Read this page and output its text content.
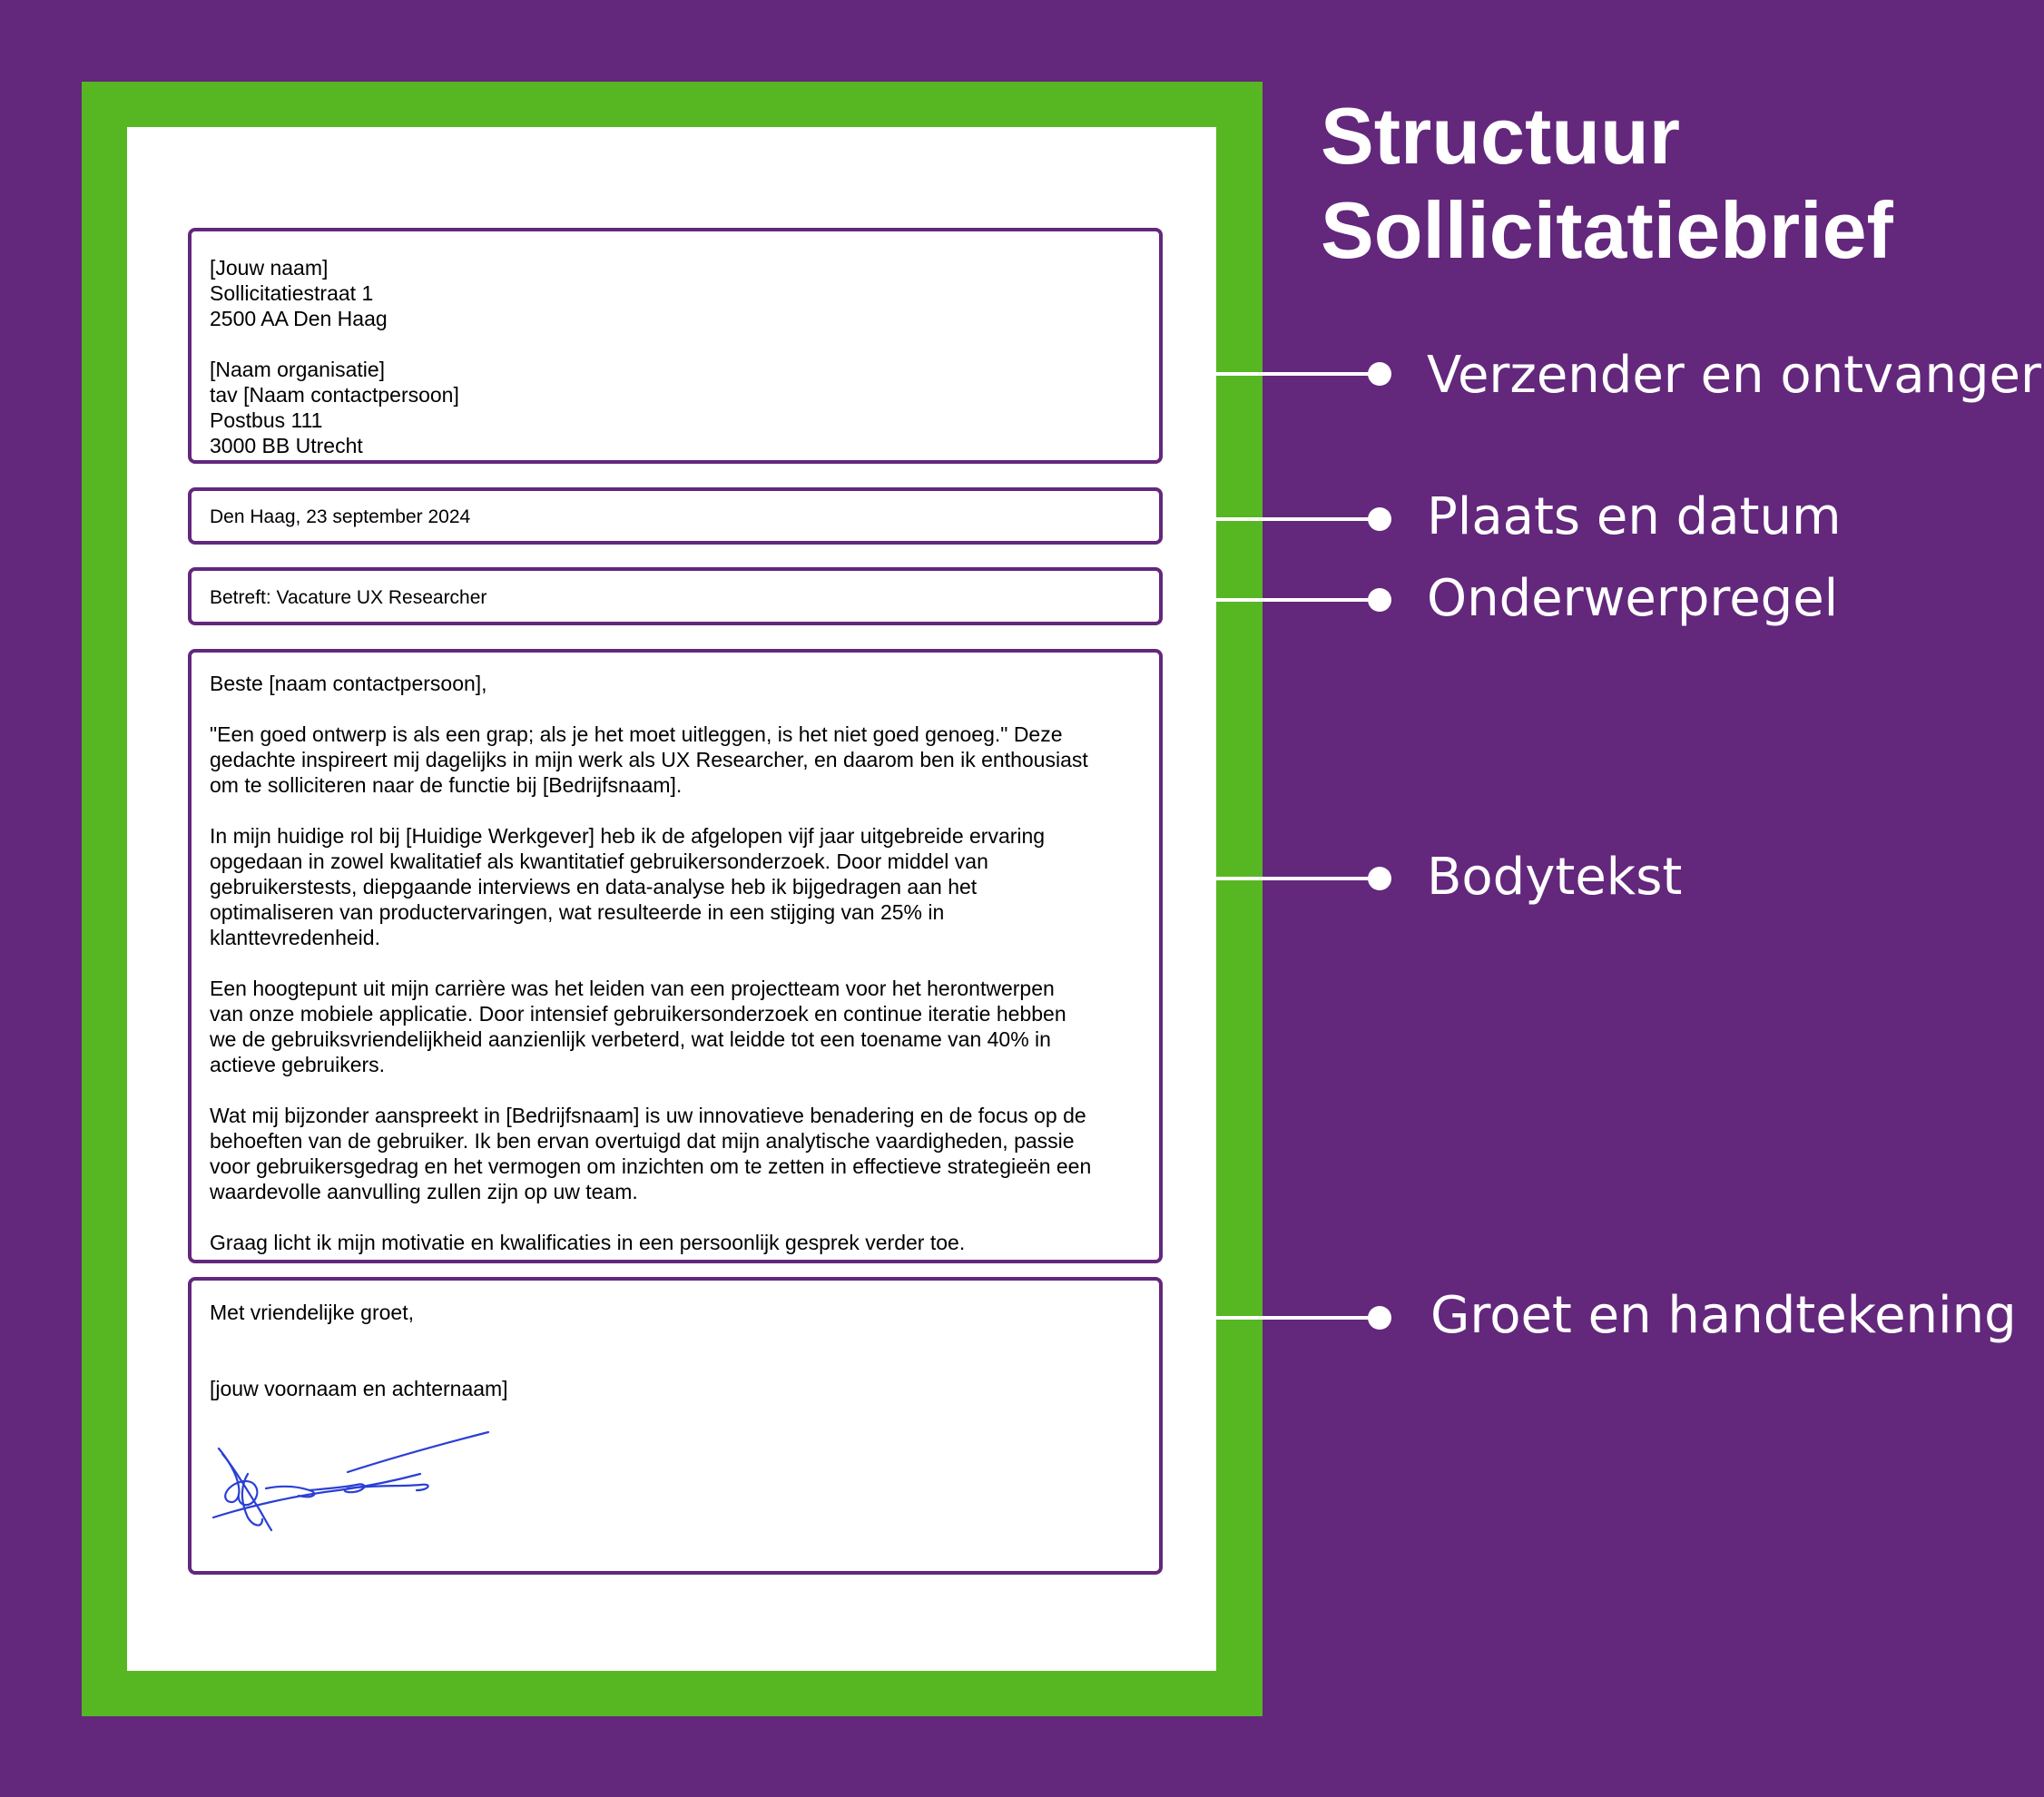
[Jouw naam]
Sollicitatiestraat 1
2500 AA Den Haag
[Naam organisatie]
tav [Naam contactpersoon]
Postbus 111
3000 BB Utrecht
Den Haag, 23 september 2024
Betreft: Vacature UX Researcher
Beste [naam contactpersoon],
"Een goed ontwerp is als een grap; als je het moet uitleggen, is het niet goed genoeg." Deze
gedachte inspireert mij dagelijks in mijn werk als UX Researcher, en daarom ben ik enthousiast
om te solliciteren naar de functie bij [Bedrijfsnaam].
In mijn huidige rol bij [Huidige Werkgever] heb ik de afgelopen vijf jaar uitgebreide ervaring
opgedaan in zowel kwalitatief als kwantitatief gebruikersonderzoek. Door middel van
gebruikerstests, diepgaande interviews en data-analyse heb ik bijgedragen aan het
optimaliseren van productervaringen, wat resulteerde in een stijging van 25% in
klanttevredenheid.
Een hoogtepunt uit mijn carrière was het leiden van een projectteam voor het herontwerpen
van onze mobiele applicatie. Door intensief gebruikersonderzoek en continue iteratie hebben
we de gebruiksvriendelijkheid aanzienlijk verbeterd, wat leidde tot een toename van 40% in
actieve gebruikers.
Wat mij bijzonder aanspreekt in [Bedrijfsnaam] is uw innovatieve benadering en de focus op de
behoeften van de gebruiker. Ik ben ervan overtuigd dat mijn analytische vaardigheden, passie
voor gebruikersgedrag en het vermogen om inzichten om te zetten in effectieve strategieën een
waardevolle aanvulling zullen zijn op uw team.
Graag licht ik mijn motivatie en kwalificaties in een persoonlijk gesprek verder toe.
Met vriendelijke groet,
[jouw voornaam en achternaam]
Structuur
Sollicitatiebrief
Verzender en ontvanger
Plaats en datum
Onderwerpregel
Bodytekst
Groet en handtekening
